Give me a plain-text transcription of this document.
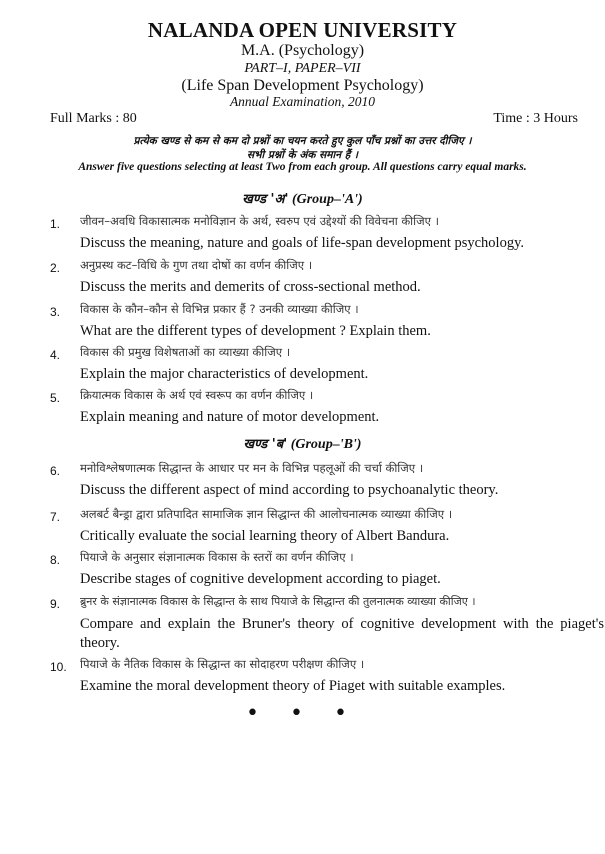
NALANDA OPEN UNIVERSITY
M.A. (Psychology)
PART–I, PAPER–VII
(Life Span Development Psychology)
Annual Examination, 2010
Full Marks : 80	Time : 3 Hours
प्रत्येक खण्ड से कम से कम दो प्रश्नों का चयन करते हुए कुल पाँच प्रश्नों का उत्तर दीजिए ।
सभी प्रश्नों के अंक समान हैं ।
Answer five questions selecting at least Two from each group. All questions carry equal marks.
खण्ड 'अ' (Group–'A')
1. जीवन–अवधि विकासात्मक मनोविज्ञान के अर्थ, स्वरुप एवं उद्देश्यों की विवेचना कीजिए ।
Discuss the meaning, nature and goals of life-span development psychology.
2. अनुप्रस्थ कट–विधि के गुण तथा दोषों का वर्णन कीजिए ।
Discuss the merits and demerits of cross-sectional method.
3. विकास के कौन–कौन से विभिन्न प्रकार हैं ? उनकी व्याख्या कीजिए ।
What are the different types of development ? Explain them.
4. विकास की प्रमुख विशेषताओं का व्याख्या कीजिए ।
Explain the major characteristics of development.
5. क्रियात्मक विकास के अर्थ एवं स्वरूप का वर्णन कीजिए ।
Explain meaning and nature of motor development.
खण्ड 'ब' (Group–'B')
6. मनोविश्लेषणात्मक सिद्धान्त के आधार पर मन के विभिन्न पहलूओं की चर्चा कीजिए ।
Discuss the different aspect of mind according to psychoanalytic theory.
7. अलबर्ट बैन्ड्रा द्वारा प्रतिपादित सामाजिक ज्ञान सिद्धान्त की आलोचनात्मक व्याख्या कीजिए ।
Critically evaluate the social learning theory of Albert Bandura.
8. पियाजे के अनुसार संज्ञानात्मक विकास के स्तरों का वर्णन कीजिए ।
Describe stages of cognitive development according to piaget.
9. ब्रुनर के संज्ञानात्मक विकास के सिद्धान्त के साथ पियाजे के सिद्धान्त की तुलनात्मक व्याख्या कीजिए ।
Compare and explain the Bruner's theory of cognitive development with the piaget's theory.
10. पियाजे के नैतिक विकास के सिद्धान्त का सोदाहरण परीक्षण कीजिए ।
Examine the moral development theory of Piaget with suitable examples.
• • •
